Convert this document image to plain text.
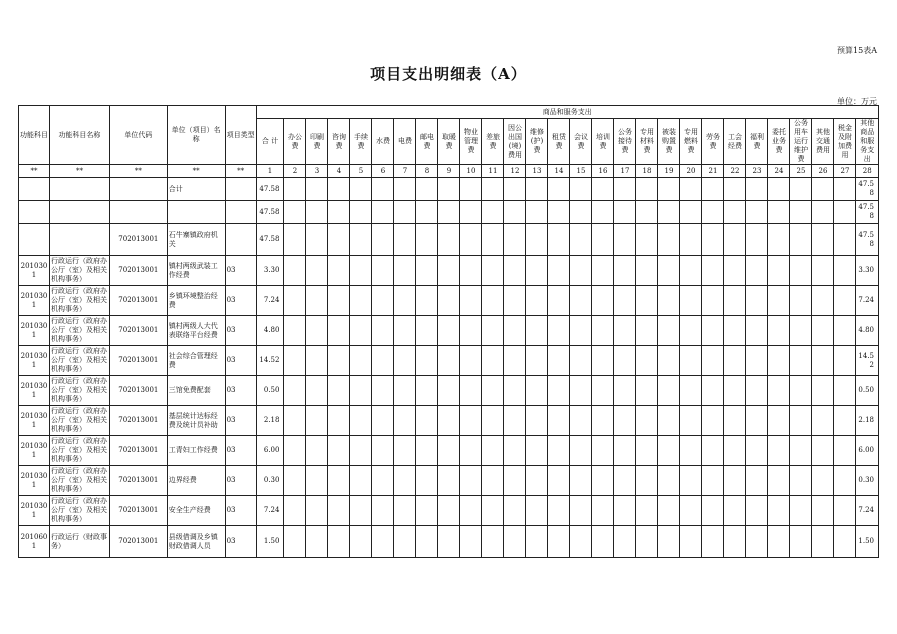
预算15表A
项目支出明细表（A）
单位：万元
功能科目	功能科目名称	单位代码	单位（项目）名称	项目类型	商品和服务支出																											
					合 计	办公费	印刷费	咨询费	手续费	水费	电费	邮电费	取暖费	物业管理费	差旅费	因公出国(境)费用	维修(护)费	租赁费	会议费	培训费	公务接待费	专用材料费	被装购置费	专用燃料费	劳务费	工会经费	福利费	委托业务费	公务用车运行维护费	其他交通费用	税金及附加费用	其他商品和服务支出
**	**	**	**	**	1	2	3	4	5	6	7	8	9	10	11	12	13	14	15	16	17	18	19	20	21	22	23	24	25	26	27	28
			合计		47.58																											47.58
					47.58																											47.58
		702013001	石牛寨镇政府机关		47.58																											47.58
2010301	行政运行（政府办公厅（室）及相关机构事务）	702013001	镇村两级武装工作经费	03	3.30																											3.30
2010301	行政运行（政府办公厅（室）及相关机构事务）	702013001	乡镇环境整治经费	03	7.24																											7.24
2010301	行政运行（政府办公厅（室）及相关机构事务）	702013001	镇村两级人大代表联络平台经费	03	4.80																											4.80
2010301	行政运行（政府办公厅（室）及相关机构事务）	702013001	社会综合管理经费	03	14.52																											14.52
2010301	行政运行（政府办公厅（室）及相关机构事务）	702013001	三馆免费配套	03	0.50																											0.50
2010301	行政运行（政府办公厅（室）及相关机构事务）	702013001	基层统计达标经费及统计员补助	03	2.18																											2.18
2010301	行政运行（政府办公厅（室）及相关机构事务）	702013001	工青妇工作经费	03	6.00																											6.00
2010301	行政运行（政府办公厅（室）及相关机构事务）	702013001	边界经费	03	0.30																											0.30
2010301	行政运行（政府办公厅（室）及相关机构事务）	702013001	安全生产经费	03	7.24																											7.24
2010601	行政运行（财政事务）	702013001	县级借调及乡镇财政借调人员	03	1.50																											1.50
